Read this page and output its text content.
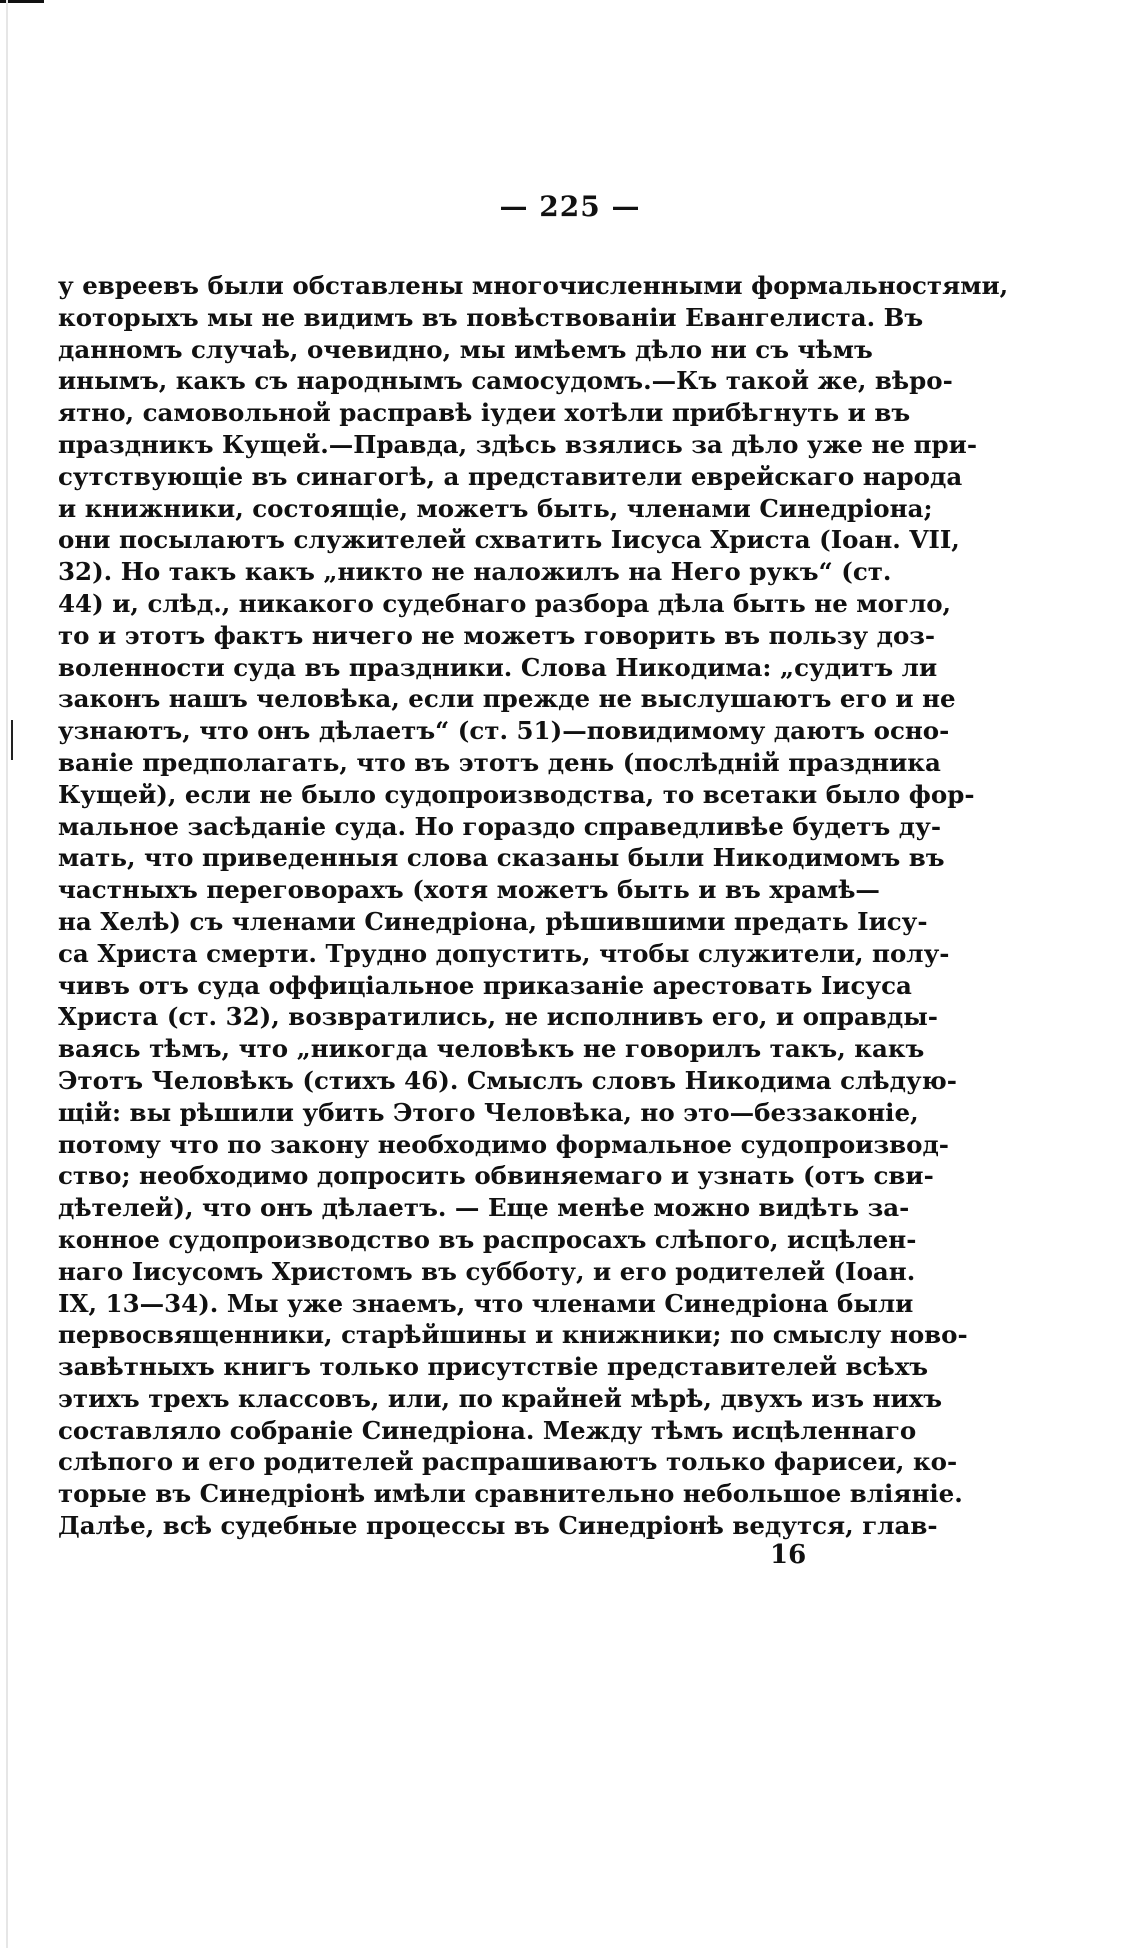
— 225 —
у евреевъ были обставлены многочисленными формальностями,
которыхъ мы не видимъ въ повѣствованіи Евангелиста. Въ
данномъ случаѣ, очевидно, мы имѣемъ дѣло ни съ чѣмъ
инымъ, какъ съ народнымъ самосудомъ.—Къ такой же, вѣро-
ятно, самовольной расправѣ іудеи хотѣли прибѣгнуть и въ
праздникъ Кущей.—Правда, здѣсь взялись за дѣло уже не при-
сутствующіе въ синагогѣ, а представители еврейскаго народа
и книжники, состоящіе, можетъ быть, членами Синедріона;
они посылаютъ служителей схватить Іисуса Христа (Іоан. VII,
32). Но такъ какъ „никто не наложилъ на Него рукъ“ (ст.
44) и, слѣд., никакого судебнаго разбора дѣла быть не могло,
то и этотъ фактъ ничего не можетъ говорить въ пользу доз-
воленности суда въ праздники. Слова Никодима: „судитъ ли
законъ нашъ человѣка, если прежде не выслушаютъ его и не
узнаютъ, что онъ дѣлаетъ“ (ст. 51)—повидимому даютъ осно-
ваніе предполагать, что въ этотъ день (послѣдній праздника
Кущей), если не было судопроизводства, то всетаки было фор-
мальное засѣданіе суда. Но гораздо справедливѣе будетъ ду-
мать, что приведенныя слова сказаны были Никодимомъ въ
частныхъ переговорахъ (хотя можетъ быть и въ храмѣ—
на Хелѣ) съ членами Синедріона, рѣшившими предать Іису-
са Христа смерти. Трудно допустить, чтобы служители, полу-
чивъ отъ суда оффиціальное приказаніе арестовать Іисуса
Христа (ст. 32), возвратились, не исполнивъ его, и оправды-
ваясь тѣмъ, что „никогда человѣкъ не говорилъ такъ, какъ
Этотъ Человѣкъ (стихъ 46). Смыслъ словъ Никодима слѣдую-
щій: вы рѣшили убить Этого Человѣка, но это—беззаконіе,
потому что по закону необходимо формальное судопроизвод-
ство; необходимо допросить обвиняемаго и узнать (отъ сви-
дѣтелей), что онъ дѣлаетъ. — Еще менѣе можно видѣть за-
конное судопроизводство въ распросахъ слѣпого, исцѣлен-
наго Іисусомъ Христомъ въ субботу, и его родителей (Іоан.
IX, 13—34). Мы уже знаемъ, что членами Синедріона были
первосвященники, старѣйшины и книжники; по смыслу ново-
завѣтныхъ книгъ только присутствіе представителей всѣхъ
этихъ трехъ классовъ, или, по крайней мѣрѣ, двухъ изъ нихъ
составляло собраніе Синедріона. Между тѣмъ исцѣленнаго
слѣпого и его родителей распрашиваютъ только фарисеи, ко-
торые въ Синедріонѣ имѣли сравнительно небольшое вліяніе.
Далѣе, всѣ судебные процессы въ Синедріонѣ ведутся, глав-
16
